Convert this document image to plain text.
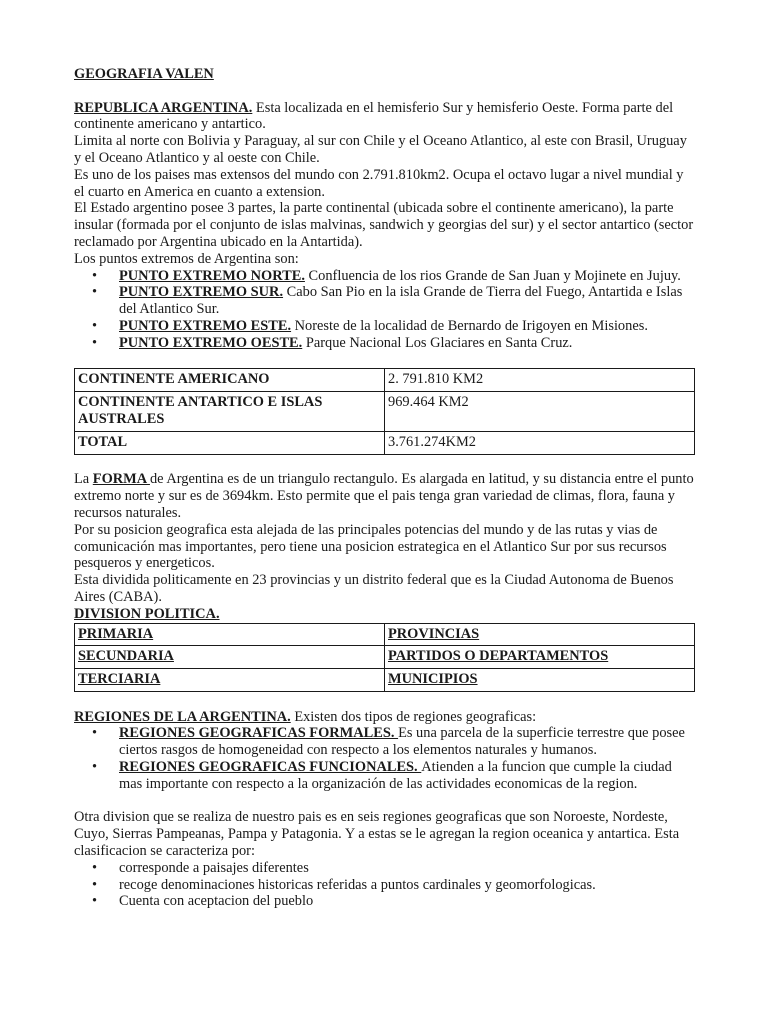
GEOGRAFIA VALEN

REPUBLICA ARGENTINA. Esta localizada en el hemisferio Sur y hemisferio Oeste. Forma parte del continente americano y antartico.

Limita al norte con Bolivia y Paraguay, al sur con Chile y el Oceano Atlantico, al este con Brasil, Uruguay y el Oceano Atlantico y al oeste con Chile.

Es uno de los paises mas extensos del mundo con 2.791.810km2. Ocupa el octavo lugar a nivel mundial y el cuarto en America en cuanto a extension.

El Estado argentino posee 3 partes, la parte continental (ubicada sobre el continente americano), la parte insular (formada por el conjunto de islas malvinas, sandwich y georgias del sur) y el sector antartico (sector reclamado por Argentina ubicado en la Antartida).

Los puntos extremos de Argentina son:

• PUNTO EXTREMO NORTE. Confluencia de los rios Grande de San Juan y Mojinete en Jujuy.
• PUNTO EXTREMO SUR. Cabo San Pio en la isla Grande de Tierra del Fuego, Antartida e Islas del Atlantico Sur.
• PUNTO EXTREMO ESTE. Noreste de la localidad de Bernardo de Irigoyen en Misiones.
• PUNTO EXTREMO OESTE. Parque Nacional Los Glaciares en Santa Cruz.
CONTINENTE AMERICANO	2. 791.810 KM2
CONTINENTE ANTARTICO E ISLAS AUSTRALES	969.464 KM2
TOTAL	3.761.274KM2

La FORMA de Argentina es de un triangulo rectangulo. Es alargada en latitud, y su distancia entre el punto extremo norte y sur es de 3694km. Esto permite que el pais tenga gran variedad de climas, flora, fauna y recursos naturales.

Por su posicion geografica esta alejada de las principales potencias del mundo y de las rutas y vias de comunicación mas importantes, pero tiene una posicion estrategica en el Atlantico Sur por sus recursos pesqueros y energeticos.

Esta dividida politicamente en 23 provincias y un distrito federal que es la Ciudad Autonoma de Buenos Aires (CABA).

DIVISION POLITICA.

PRIMARIA	PROVINCIAS
SECUNDARIA	PARTIDOS O DEPARTAMENTOS
TERCIARIA	MUNICIPIOS

REGIONES DE LA ARGENTINA. Existen dos tipos de regiones geograficas:

• REGIONES GEOGRAFICAS FORMALES. Es una parcela de la superficie terrestre que posee ciertos rasgos de homogeneidad con respecto a los elementos naturales y humanos.
• REGIONES GEOGRAFICAS FUNCIONALES. Atienden a la funcion que cumple la ciudad mas importante con respecto a la organización de las actividades economicas de la region.

Otra division que se realiza de nuestro pais es en seis regiones geograficas que son Noroeste, Nordeste, Cuyo, Sierras Pampeanas, Pampa y Patagonia. Y a estas se le agregan la region oceanica y antartica. Esta clasificacion se caracteriza por:

• corresponde a paisajes diferentes
• recoge denominaciones historicas referidas a puntos cardinales y geomorfologicas.
• Cuenta con aceptacion del pueblo
